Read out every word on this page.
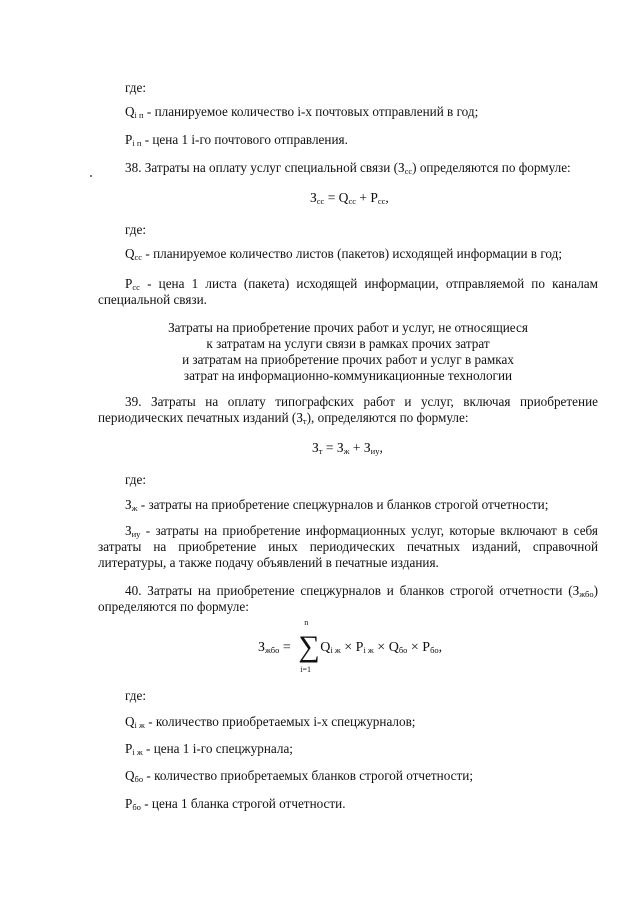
где:
$Q_{i п}$ - планируемое количество i-х почтовых отправлений в год;
$P_{i п}$ - цена 1 i-го почтового отправления.
38. Затраты на оплату услуг специальной связи $(З_{сс})$ определяются по формуле:
$З_{сс} = Q_{сс} + P_{сс}$,
где:
$Q_{сс}$ - планируемое количество листов (пакетов) исходящей информации в год;
$P_{сс}$ - цена 1 листа (пакета) исходящей информации, отправляемой по каналам специальной связи.
Затраты на приобретение прочих работ и услуг, не относящиеся
к затратам на услуги связи в рамках прочих затрат
и затратам на приобретение прочих работ и услуг в рамках
затрат на информационно-коммуникационные технологии
39. Затраты на оплату типографских работ и услуг, включая приобретение периодических печатных изданий $(З_т)$, определяются по формуле:
$З_т = З_ж + З_{иу}$,
где:
$З_ж$ - затраты на приобретение спецжурналов и бланков строгой отчетности;
$З_{иу}$ - затраты на приобретение информационных услуг, которые включают в себя затраты на приобретение иных периодических печатных изданий, справочной литературы, а также подачу объявлений в печатные издания.
40. Затраты на приобретение спецжурналов и бланков строгой отчетности $(З_{жбо})$ определяются по формуле:
$З_{жбо}$ =
n
∑
i=1
$Q_{i ж} \times P_{i ж} \times Q_{бо} \times P_{бо}$,
где:
$Q_{i ж}$ - количество приобретаемых i-х спецжурналов;
$P_{i ж}$ - цена 1 i-го спецжурнала;
$Q_{бо}$ - количество приобретаемых бланков строгой отчетности;
$P_{бо}$ - цена 1 бланка строгой отчетности.
